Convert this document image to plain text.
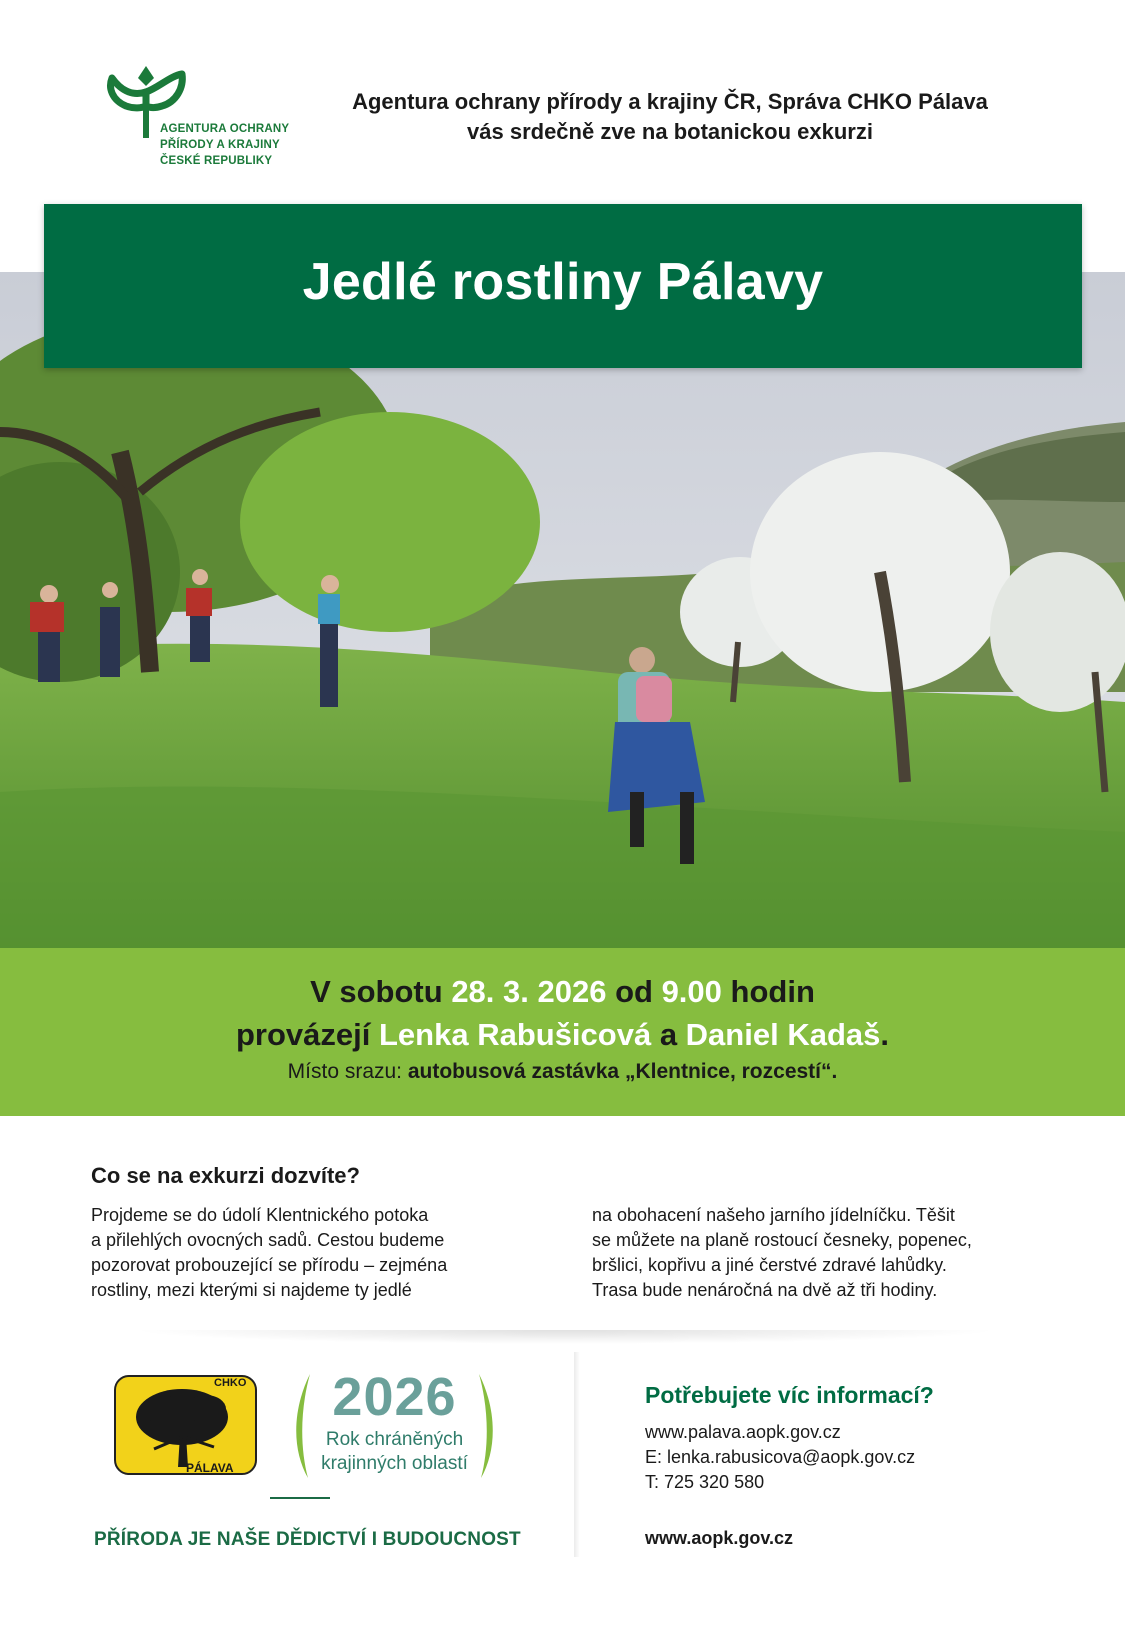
AGENTURA OCHRANY
PŘÍRODY A KRAJINY
ČESKÉ REPUBLIKY
Agentura ochrany přírody a krajiny ČR, Správa CHKO Pálava
vás srdečně zve na botanickou exkurzi
Jedlé rostliny Pálavy
V sobotu 28. 3. 2026 od 9.00 hodin
provázejí Lenka Rabušicová a Daniel Kadaš.
Místo srazu: autobusová zastávka „Klentnice, rozcestí“.
Co se na exkurzi dozvíte?
Projdeme se do údolí Klentnického potoka
a přilehlých ovocných sadů. Cestou budeme
pozorovat probouzející se přírodu – zejména
rostliny, mezi kterými si najdeme ty jedlé
na obohacení našeho jarního jídelníčku. Těšit
se můžete na planě rostoucí česneky, popenec,
bršlici, kopřivu a jiné čerstvé zdravé lahůdky.
Trasa bude nenáročná na dvě až tři hodiny.
CHKO
PÁLAVA
2026
Rok chráněných
krajinných oblastí
PŘÍRODA JE NAŠE DĚDICTVÍ I BUDOUCNOST
Potřebujete víc informací?
www.palava.aopk.gov.cz
E: lenka.rabusicova@aopk.gov.cz
T: 725 320 580
www.aopk.gov.cz
